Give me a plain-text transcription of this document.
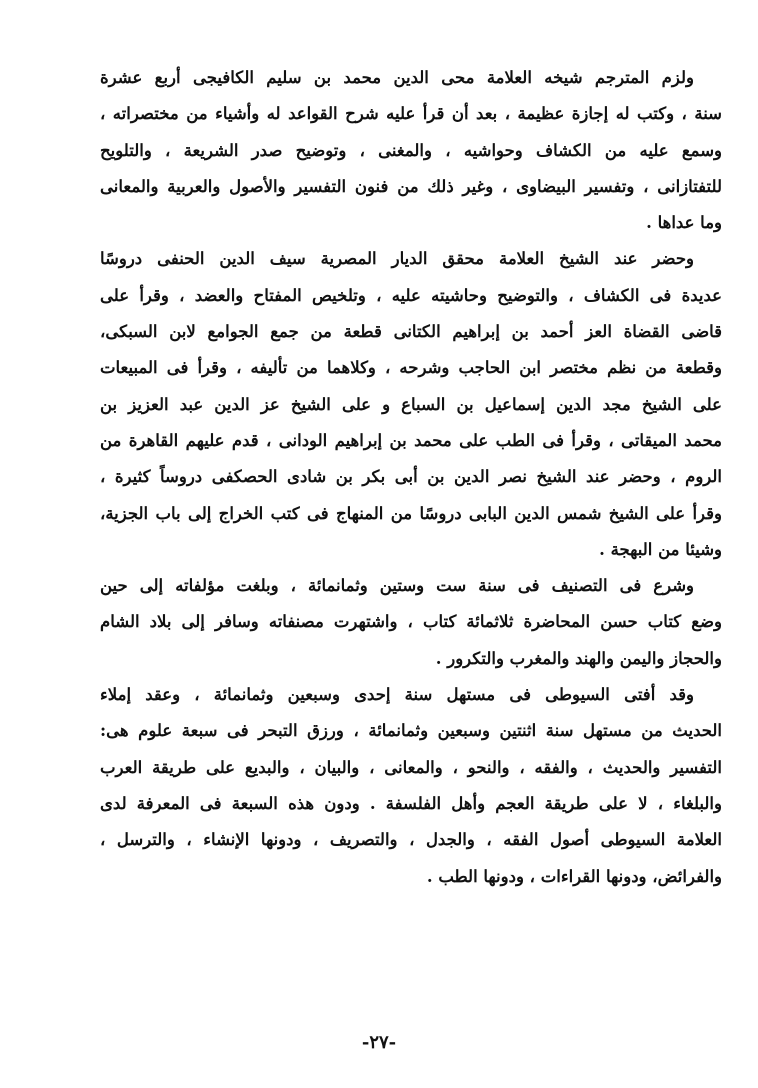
ولزم المترجم شيخه العلامة محى الدين محمد بن سليم الكافيجى أربع عشرة
سنة ، وكتب له إجازة عظيمة ، بعد أن قرأ عليه شرح القواعد له وأشياء من مختصراته ،
وسمع عليه من الكشاف وحواشيه ، والمغنى ، وتوضيح صدر الشريعة ، والتلويح
للتفتازانى ، وتفسير البيضاوى ، وغير ذلك من فنون التفسير والأصول والعربية والمعانى
وما عداها .
وحضر عند الشيخ العلامة محقق الديار المصرية سيف الدين الحنفى دروسًا
عديدة فى الكشاف ، والتوضيح وحاشيته عليه ، وتلخيص المفتاح والعضد ، وقرأ على
قاضى القضاة العز أحمد بن إبراهيم الكتانى قطعة من جمع الجوامع لابن السبكى،
وقطعة من نظم مختصر ابن الحاجب وشرحه ، وكلاهما من تأليفه ، وقرأ فى المبيعات
على الشيخ مجد الدين إسماعيل بن السباع و على الشيخ عز الدين عبد العزيز بن
محمد الميقاتى ، وقرأ فى الطب على محمد بن إبراهيم الودانى ، قدم عليهم القاهرة من
الروم ، وحضر عند الشيخ نصر الدين بن أبى بكر بن شادى الحصكفى دروساً كثيرة ،
وقرأ على الشيخ شمس الدين البابى دروسًا من المنهاج فى كتب الخراج إلى باب الجزية،
وشيئا من البهجة .
وشرع فى التصنيف فى سنة ست وستين وثمانمائة ، وبلغت مؤلفاته إلى حين
وضع كتاب حسن المحاضرة ثلاثمائة كتاب ، واشتهرت مصنفاته وسافر إلى بلاد الشام
والحجاز واليمن والهند والمغرب والتكرور .
وقد أفتى السيوطى فى مستهل سنة إحدى وسبعين وثمانمائة ، وعقد إملاء
الحديث من مستهل سنة اثنتين وسبعين وثمانمائة ، ورزق التبحر فى سبعة علوم هى:
التفسير والحديث ، والفقه ، والنحو ، والمعانى ، والبيان ، والبديع على طريقة العرب
والبلغاء ، لا على طريقة العجم وأهل الفلسفة . ودون هذه السبعة فى المعرفة لدى
العلامة السيوطى أصول الفقه ، والجدل ، والتصريف ، ودونها الإنشاء ، والترسل ،
والفرائض، ودونها القراءات ، ودونها الطب .
-٢٧-
